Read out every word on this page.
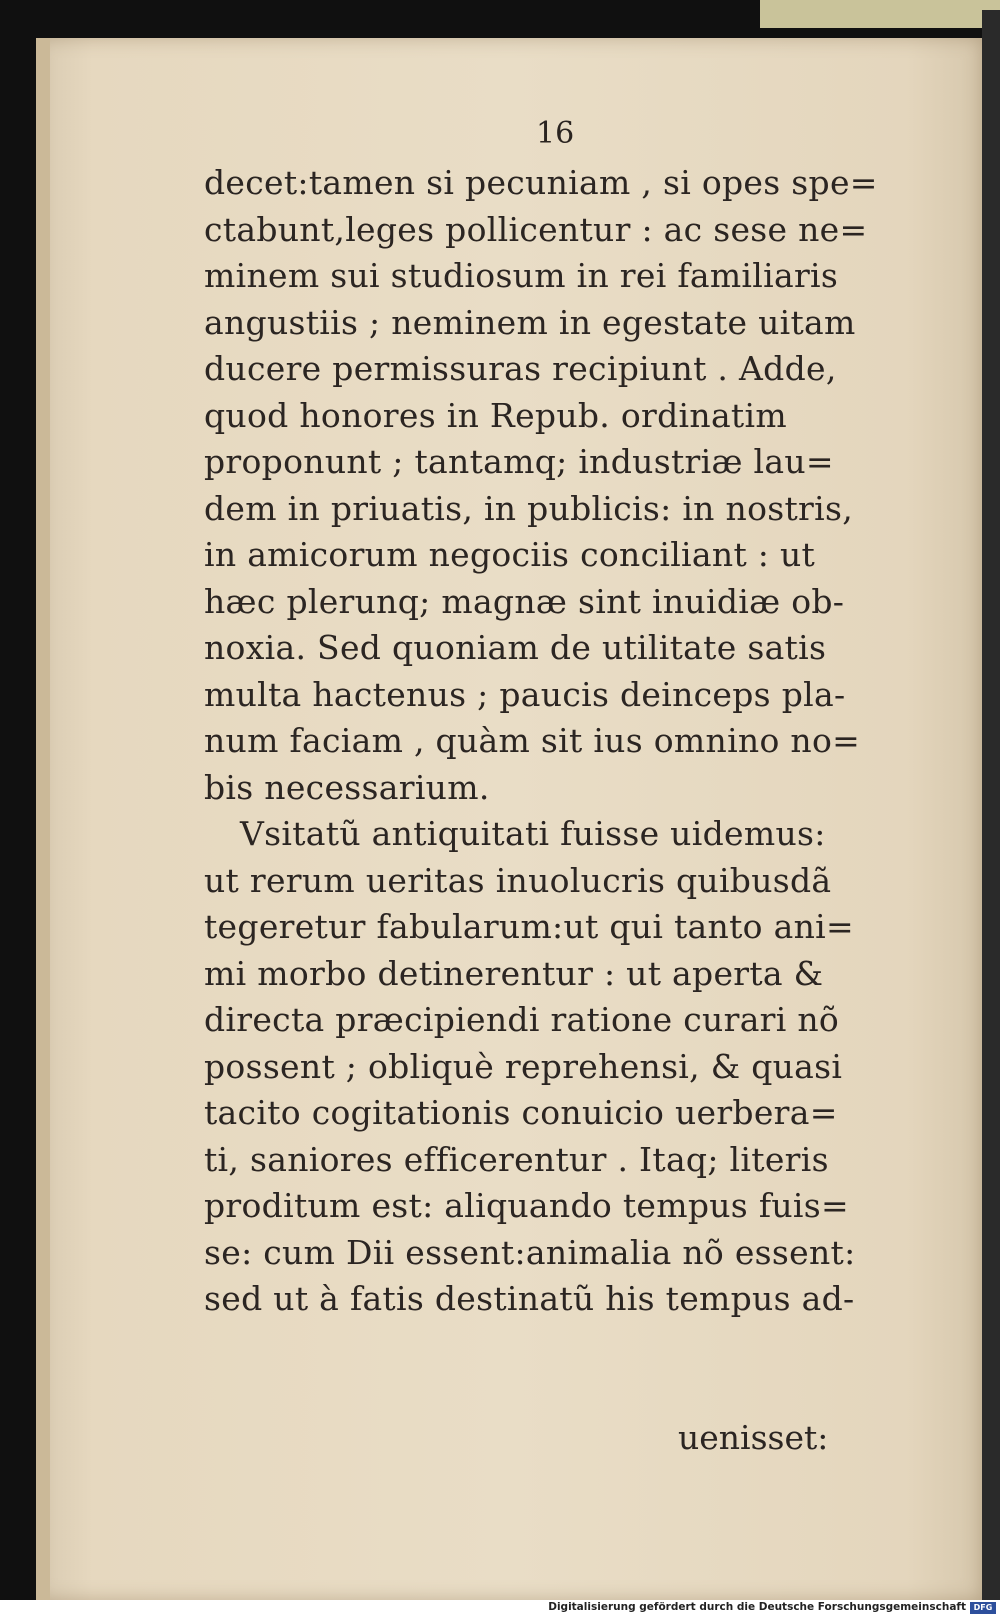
16
decet:tamen si pecuniam , si opes spe=
ctabunt,leges pollicentur : ac sese ne=
minem sui studiosum in rei familiaris
angustiis ; neminem in egestate uitam
ducere permissuras recipiunt . Adde,
quod honores in Repub. ordinatim
proponunt ; tantamq; industriæ lau=
dem in priuatis, in publicis: in nostris,
in amicorum negociis conciliant : ut
hæc plerunq; magnæ sint inuidiæ ob-
noxia. Sed quoniam de utilitate satis
multa hactenus ; paucis deinceps pla-
num faciam , quàm sit ius omnino no=
bis necessarium.
Vsitatũ antiquitati fuisse uidemus:
ut rerum ueritas inuolucris quibusdã
tegeretur fabularum:ut qui tanto ani=
mi morbo detinerentur : ut aperta &
directa præcipiendi ratione curari nõ
possent ; obliquè reprehensi, & quasi
tacito cogitationis conuicio uerbera=
ti, saniores efficerentur . Itaq; literis
proditum est: aliquando tempus fuis=
se: cum Dii essent:animalia nõ essent:
sed ut à fatis destinatũ his tempus ad-
uenisset:
Digitalisierung gefördert durch die Deutsche Forschungsgemeinschaft DFG
